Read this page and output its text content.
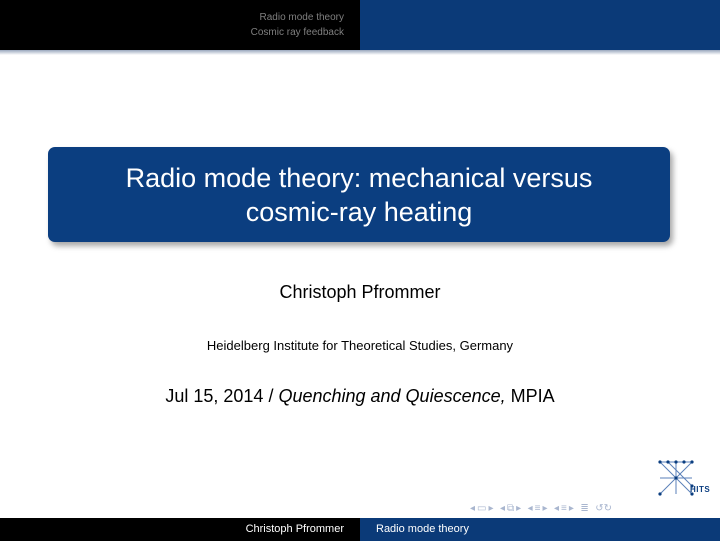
Radio mode theory
Cosmic ray feedback
Radio mode theory: mechanical versus
cosmic-ray heating
Christoph Pfrommer
Heidelberg Institute for Theoretical Studies, Germany
Jul 15, 2014 / Quenching and Quiescence, MPIA
HITS
◂ ▭ ▸ ◂ ⧉ ▸ ◂ ≡ ▸ ◂ ≡ ▸ ≣ ↺↻
Christoph Pfrommer	Radio mode theory
